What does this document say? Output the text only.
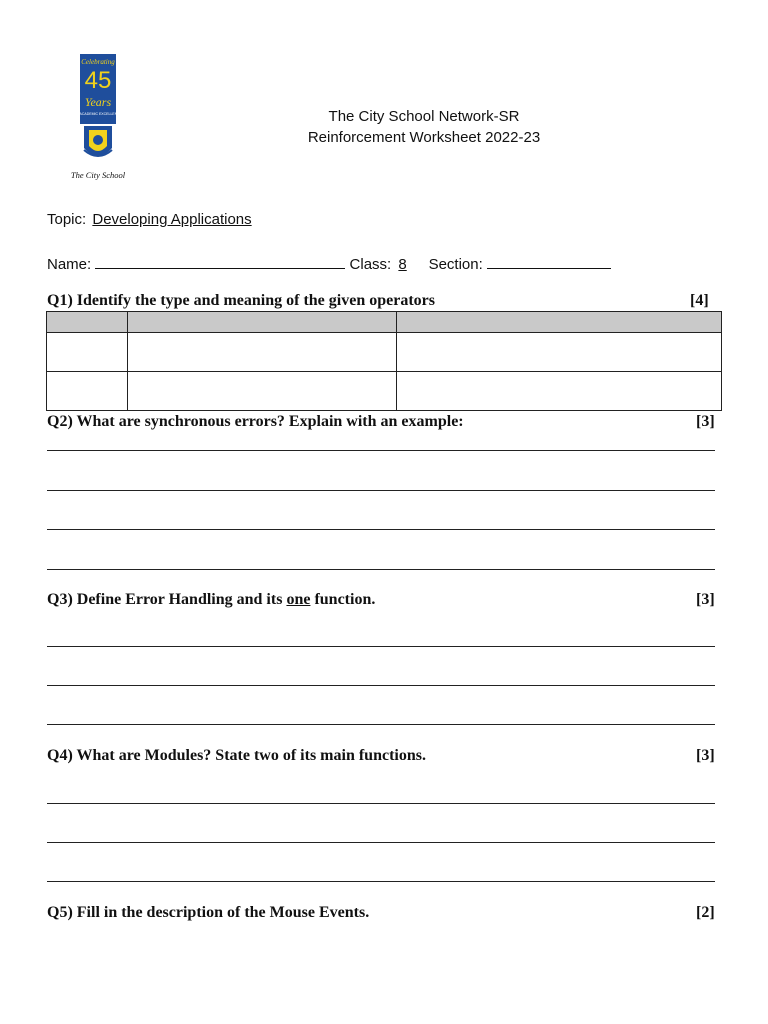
Celebrating
45
Years
OF ACADEMIC EXCELLENCE
The City School
The City School Network-SR
Reinforcement Worksheet 2022-23
Topic: Developing Applications
Name:	Class: 8 Section:
Q1) Identify the type and meaning of the given operators	[4]

Q2) What are synchronous errors? Explain with an example:	[3]
Q3) Define Error Handling and its one function.	[3]
Q4) What are Modules? State two of its main functions.	[3]
Q5) Fill in the description of the Mouse Events.	[2]
